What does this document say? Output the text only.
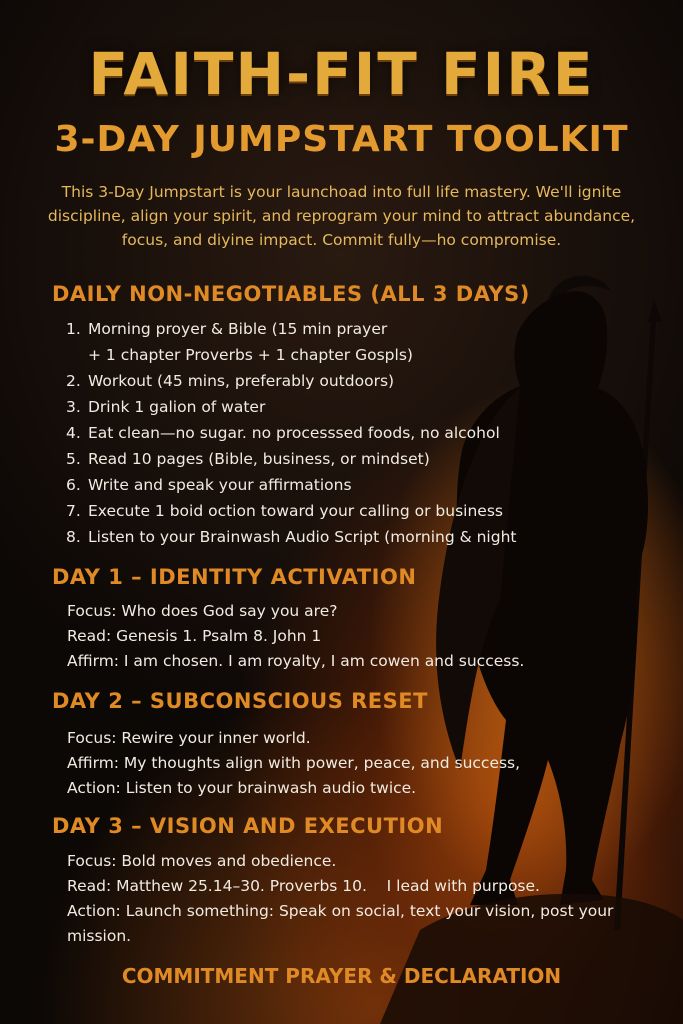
FAITH-FIT FIRE
3-DAY JUMPSTART TOOLKIT
This 3-Day Jumpstart is your launchoad into full life mastery. We'll ignite discipline, align your spirit, and reprogram your mind to attract abundance, focus, and diyine impact. Commit fully—ho compromise.
DAILY NON-NEGOTIABLES (ALL 3 DAYS)
1. Morning proyer & Bible (15 min prayer
+ 1 chapter Proverbs + 1 chapter Gospls)
2. Workout (45 mins, preferably outdoors)
3. Drink 1 galion of water
4. Eat clean—no sugar. no processsed foods, no alcohol
5. Read 10 pages (Bible, business, or mindset)
6. Write and speak your affirmations
7. Execute 1 boid oction toward your calling or business
8. Listen to your Brainwash Audio Script (morning & night
DAY 1 – IDENTITY ACTIVATION
Focus: Who does God say you are?
Read: Genesis 1. Psalm 8. John 1
Affirm: I am chosen. I am royalty, I am cowen and success.
DAY 2 – SUBCONSCIOUS RESET
Focus: Rewire your inner world.
Affirm: My thoughts align with power, peace, and success,
Action: Listen to your brainwash audio twice.
DAY 3 – VISION AND EXECUTION
Focus: Bold moves and obedience.
Read: Matthew 25.14–30. Proverbs 10.    I lead with purpose.
Action: Launch something: Speak on social, text your vision, post your
mission.
COMMITMENT PRAYER & DECLARATION
